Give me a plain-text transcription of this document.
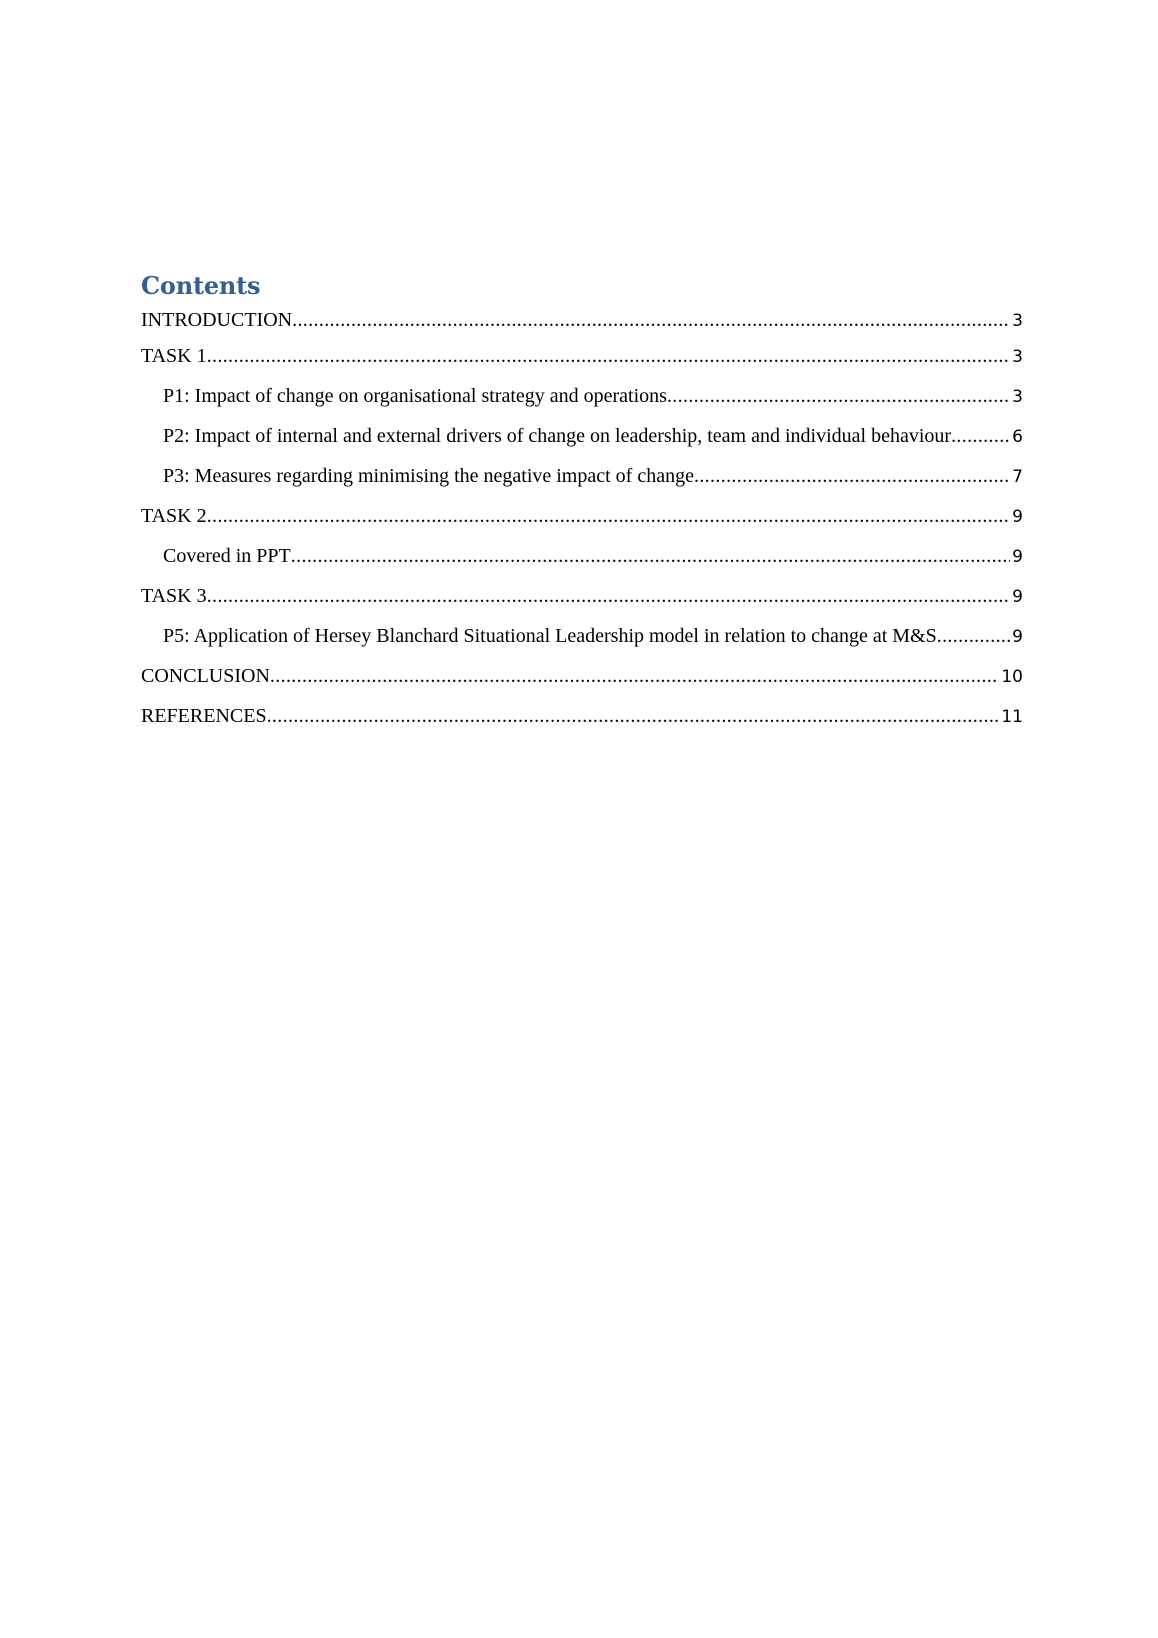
Contents
INTRODUCTION .....	3
TASK 1 .....	3
P1: Impact of change on organisational strategy and operations .....	3
P2: Impact of internal and external drivers of change on leadership, team and individual behaviour .....	6
P3: Measures regarding minimising the negative impact of change .....	7
TASK 2 .....	9
Covered in PPT .....	9
TASK 3 .....	9
P5: Application of Hersey Blanchard Situational Leadership model in relation to change at M&S .....	9
CONCLUSION .....	10
REFERENCES .....	11
